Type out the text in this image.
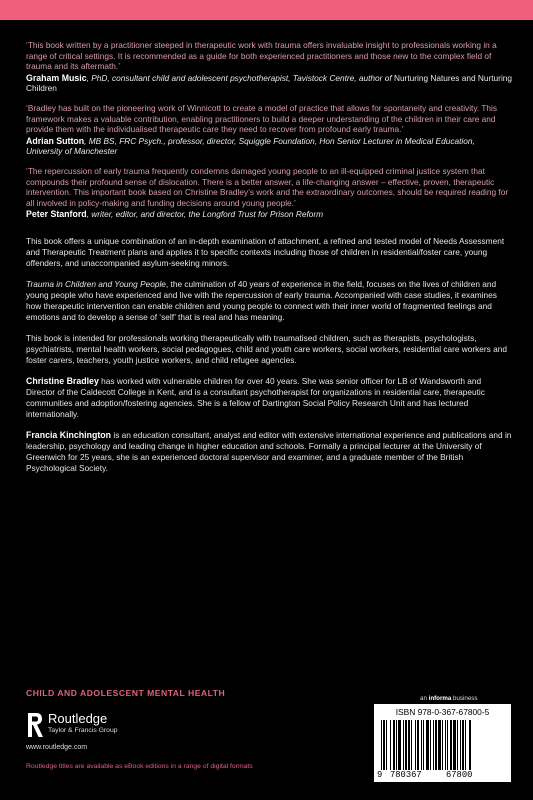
‘This book written by a practitioner steeped in therapeutic work with trauma offers invaluable insight to professionals working in a range of critical settings. It is recommended as a guide for both experienced practitioners and those new to the complex field of trauma and its aftermath.’

Graham Music, PhD, consultant child and adolescent psychotherapist, Tavistock Centre, author of Nurturing Natures and Nurturing Children

‘Bradley has built on the pioneering work of Winnicott to create a model of practice that allows for spontaneity and creativity. This framework makes a valuable contribution, enabling practitioners to build a deeper understanding of the children in their care and provide them with the individualised therapeutic care they need to recover from profound early trauma.’

Adrian Sutton, MB BS, FRC Psych., professor, director, Squiggle Foundation, Hon Senior Lecturer in Medical Education, University of Manchester

‘The repercussion of early trauma frequently condemns damaged young people to an ill-equipped criminal justice system that compounds their profound sense of dislocation. There is a better answer, a life-changing answer – effective, proven, therapeutic intervention. This important book based on Christine Bradley’s work and the extraordinary outcomes, should be required reading for all involved in policy-making and funding decisions around young people.’

Peter Stanford, writer, editor, and director, the Longford Trust for Prison Reform

This book offers a unique combination of an in-depth examination of attachment, a refined and tested model of Needs Assessment and Therapeutic Treatment plans and applies it to specific contexts including those of children in residential/foster care, young offenders, and unaccompanied asylum-seeking minors.

Trauma in Children and Young People, the culmination of 40 years of experience in the field, focuses on the lives of children and young people who have experienced and live with the repercussion of early trauma. Accompanied with case studies, it examines how therapeutic intervention can enable children and young people to connect with their inner world of fragmented feelings and emotions and to develop a sense of ‘self’ that is real and has meaning.

This book is intended for professionals working therapeutically with traumatised children, such as therapists, psychologists, psychiatrists, mental health workers, social pedagogues, child and youth care workers, social workers, residential care workers and foster carers, teachers, youth justice workers, and child refugee agencies.

Christine Bradley has worked with vulnerable children for over 40 years. She was senior officer for LB of Wandsworth and Director of the Caldecott College in Kent, and is a consultant psychotherapist for organizations in residential care, therapeutic communities and adoption/fostering agencies. She is a fellow of Dartington Social Policy Research Unit and has lectured internationally.

Francia Kinchington is an education consultant, analyst and editor with extensive international experience and publications and in leadership, psychology and leading change in higher education and schools. Formally a principal lecturer at the University of Greenwich for 25 years, she is an experienced doctoral supervisor and examiner, and a graduate member of the British Psychological Society.

CHILD AND ADOLESCENT MENTAL HEALTH
Routledge
Taylor & Francis Group
www.routledge.com
Routledge titles are available as eBook editions in a range of digital formats
an informa business
ISBN 978-0-367-67800-5
9 780367	67800
